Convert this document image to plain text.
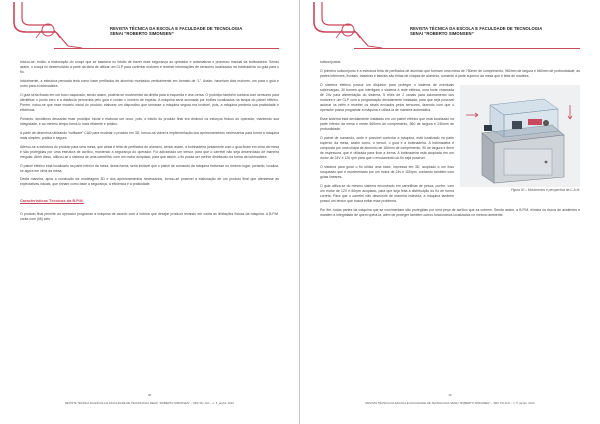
REVISTA TÉCNICA DA ESCOLA E FACULDADE DE TECNOLOGIA
SENAI “ROBERTO SIMONSEN”

Iniciou-se, então, a elaboração do croqui que se baseava no intuito de trazer mais segurança ao operador e automatizar o processo manual da bobinadeira. Sendo assim, o croqui foi desenvolvido a partir da ideia de utilizar um CLP para controlar motores e receber informações de sensores localizados na bobinadeira no guia para o fio.

Inicialmente, a estrutura pensada teria como base perfilados de alumínio montados verticalmente em formato de “L”. Assim, haveriam dois motores, um para o guia e outro para a bobinadeira.

O guia seria fixado em um fuso rosqueado, sendo assim, poderia se movimentar da direita para a esquerda e vice-versa. O protótipo também contava com sensores para identificar o ponto zero e a distância percorrida pelo guia e contar o número de espiras. A máquina seria acionada por botões localizados na tampa do painel elétrico. Porém, notou-se que esse modelo inicial do produto, elaborar um dispositivo que tornasse a máquina segura era inviável, pois, a máquina perderia sua praticidade e eficiência.

Portanto, decidimos descartar esse protótipo inicial e elaborar um novo, pois, o intuito do produto final era diminuir os esforços físicos do operador, mantendo sua integridade, e ao mesmo tempo torná-lo mais eficiente e prático.

A partir de desenhos utilizando “software” CAD para modelar o produto em 3D, tornou-se viável a implementação dos aprimoramentos necessários para tornar a máquina mais simples, prática e segura.

Alterou-se a estrutura do produto para uma mesa, que ainda é feita de perfilados de alumínio, sendo assim, a bobinadeira juntamente com o guia ficam em cima da mesa e são protegidas por uma estrutura de acrílico, mantendo a segurança do operador. Foi adicionado um tensor, para que o carretel não seja desenrolado de maneira irregular. Além disso, utilizou-se o sistema de uma carretilha, com um motor acoplado, para que assim, o fio possa ser melhor distribuído na forma da bobinadeira.

O painel elétrico está localizado na parte inferior da mesa, desta forma, seria inviável que o painel de comando da máquina estivesse no mesmo lugar, portanto, localiza-se agora em cima da mesa.

Desta maneira, após a conclusão da modelagem 3D e dos aprimoramentos necessários, tornou-se possível a elaboração de um produto final que atendesse as expectativas iniciais, que tinham como base a segurança, a eficiência e a praticidade.

Características Técnicas da B.P.M.

O produto final permite ao operador programar a máquina de acordo com a bobina que desejar produzir levando em conta as limitações físicas da máquina. A B.P.M. conta com (06) seis

48
REVISTA TÉCNICA DA ESCOLA E FACULDADE DE TECNOLOGIA SENAI “ROBERTO SIMONSEN” – SRC PH-JLO – n. 5, jan/jul. 2010
REVISTA TÉCNICA DA ESCOLA E FACULDADE DE TECNOLOGIA
SENAI “ROBERTO SIMONSEN”

subconjuntos.

O primeiro subconjunto é a estrutura feita de perfilados de alumínio que formam uma mesa de 750mm de comprimento, 960mm de largura e 660mm de profundidade, as partes inferiores, frontais, traseiras e laterais são feitas de chapas de alumínio, somente a parte superior da mesa que é feita de madeira.

Figura 02 – Movimentos e perspectiva da C.A.M.

O sistema elétrico possui um disjuntor para proteger o sistema de eventuais sobrecargas, 30 bornes que interligam o sistema à rede elétrica, uma fonte chaveada de 24v para alimentação do sistema, 5 relés de 2 canais para acionamento dos motores e um CLP com a programação devidamente instalada, para que seja possível acionar os relés e receber os sinais enviados pelos sensores, fazendo com que o operador possa programar a máquina e utilizá-la de maneira automática.

Esse sistema está devidamente instalado em um painel elétrico que está localizado na parte inferior da mesa e mede 560mm de comprimento, 560 de largura e 240mm de profundidade.

O painel de comando, onde é possível controlar a máquina, está localizado na parte superior da mesa, assim como, o tensor, o guia e a bobinadeira. A bobinadeira é composta por uma chapa de alumínio de 160mm de comprimento, 90 de largura e 8mm de espessura, que é utilizada para fixar a forma. A bobinadeira está acoplada em um motor de 24V e 120 rpm para que o enrolamento do fio seja possível.

O sistema para guiar o fio utiliza uma base, impressa em 3D, acoplado a um fuso rosqueado que é movimentado por um motor de 24v e 100rpm, contando também com guias lineares.

O guia utiliza-se do mesmo sistema encontrado em carretilhas de pesca, porém, com um motor de 12V e 60rpm acoplado, para que seja feita a distribuição do fio de forma correta. Para que o carretel não desenrole de maneira indevida, a máquina também possui um tensor que busca evitar esse problema.

Por fim, todas partes da máquina que se movimentam são protegidas por uma peça de acrílico que as cobrem. Sendo assim, a B.P.M. elimina os riscos de acidentes e mantém a integridade de quem operá-la, além de proteger também outros funcionários localizados no mesmo ambiente.

49
REVISTA TÉCNICA DA ESCOLA E FACULDADE DE TECNOLOGIA SENAI “ROBERTO SIMONSEN” – SRC PH-JLO – n. 5, jan/jul. 2010
